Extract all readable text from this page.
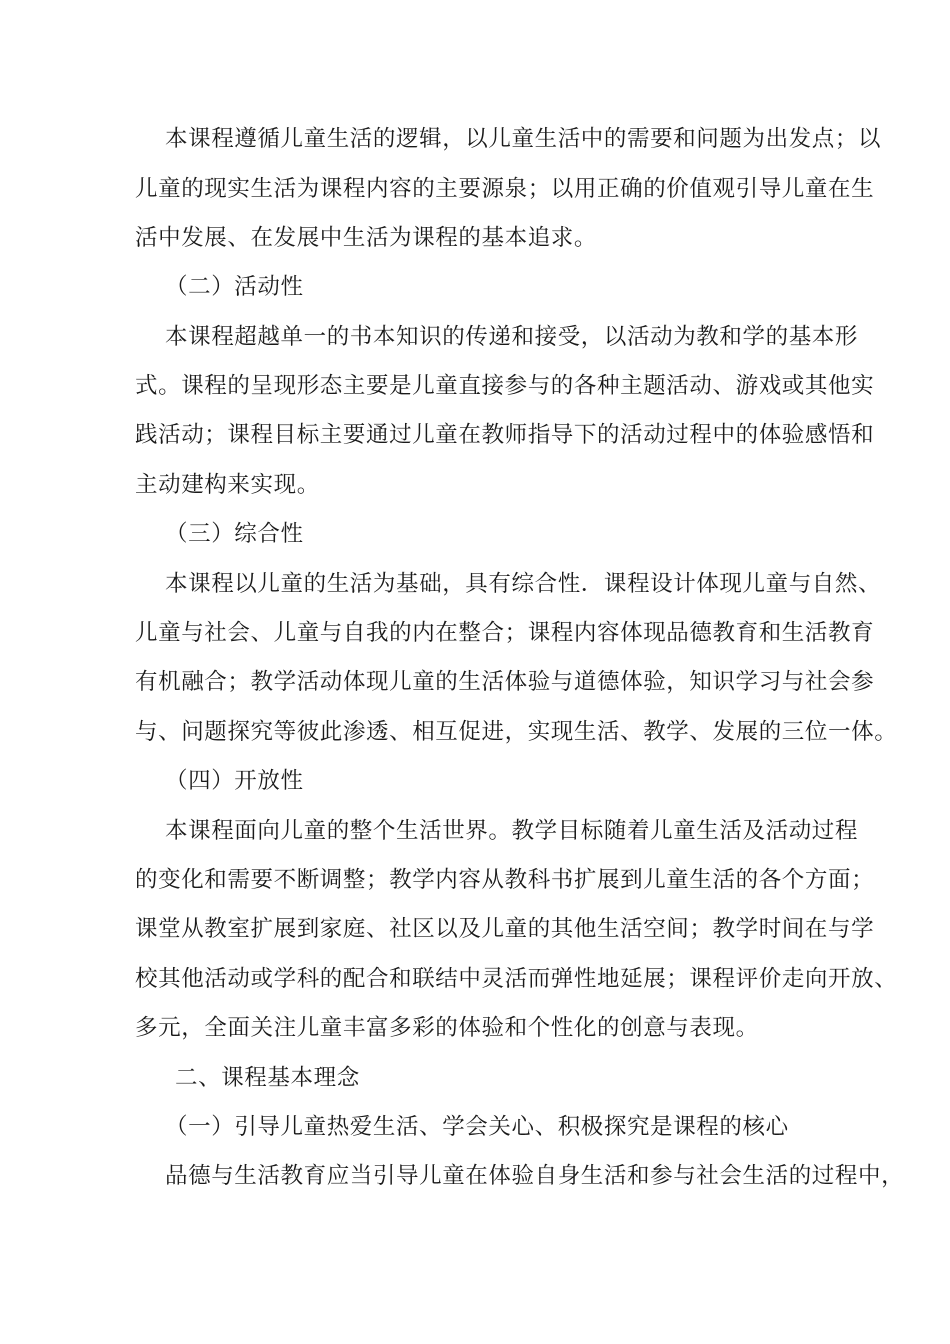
本课程遵循儿童生活的逻辑，以儿童生活中的需要和问题为出发点；以
儿童的现实生活为课程内容的主要源泉；以用正确的价值观引导儿童在生
活中发展、在发展中生活为课程的基本追求。
（二）活动性
本课程超越单一的书本知识的传递和接受，以活动为教和学的基本形
式。课程的呈现形态主要是儿童直接参与的各种主题活动、游戏或其他实
践活动；课程目标主要通过儿童在教师指导下的活动过程中的体验感悟和
主动建构来实现。
（三）综合性
本课程以儿童的生活为基础，具有综合性．课程设计体现儿童与自然、
儿童与社会、儿童与自我的内在整合；课程内容体现品德教育和生活教育
有机融合；教学活动体现儿童的生活体验与道德体验，知识学习与社会参
与、问题探究等彼此渗透、相互促进，实现生活、教学、发展的三位一体。
（四）开放性
本课程面向儿童的整个生活世界。教学目标随着儿童生活及活动过程
的变化和需要不断调整；教学内容从教科书扩展到儿童生活的各个方面；
课堂从教室扩展到家庭、社区以及儿童的其他生活空间；教学时间在与学
校其他活动或学科的配合和联结中灵活而弹性地延展；课程评价走向开放、
多元，全面关注儿童丰富多彩的体验和个性化的创意与表现。
二、课程基本理念
（一）引导儿童热爱生活、学会关心、积极探究是课程的核心
品德与生活教育应当引导儿童在体验自身生活和参与社会生活的过程中，
